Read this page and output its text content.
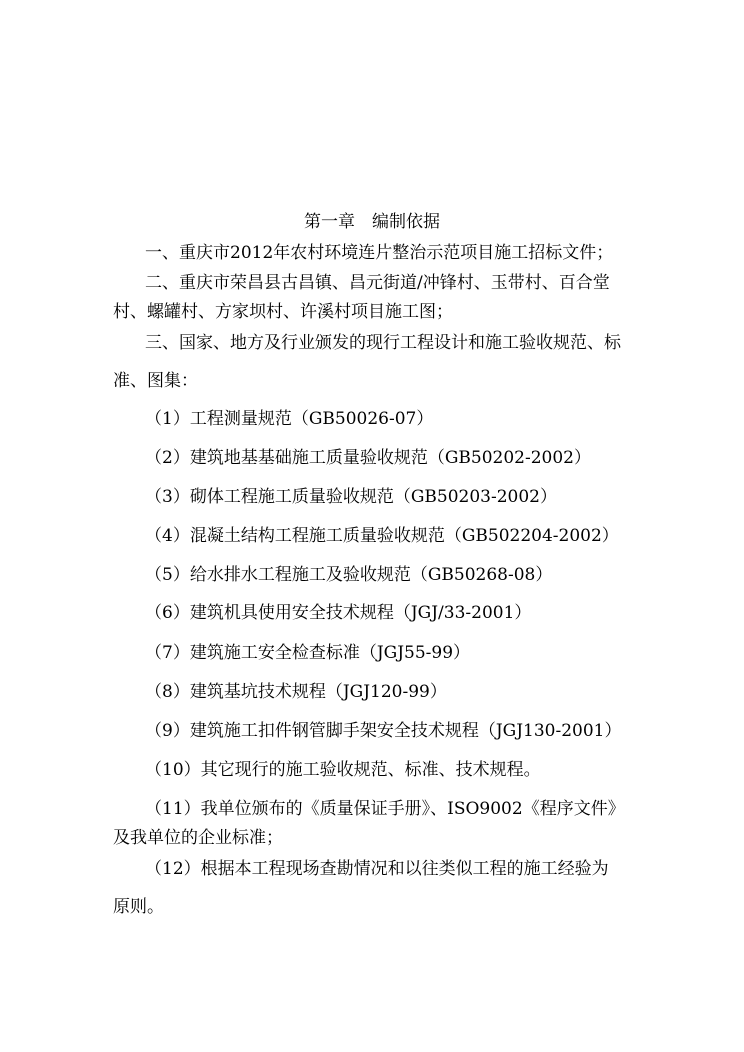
第一章　编制依据
一、重庆市2012年农村环境连片整治示范项目施工招标文件；
二、重庆市荣昌县古昌镇、昌元街道/冲锋村、玉带村、百合堂
村、螺罐村、方家坝村、许溪村项目施工图；
三、国家、地方及行业颁发的现行工程设计和施工验收规范、标
准、图集：
（1）工程测量规范（GB50026-07）
（2）建筑地基基础施工质量验收规范（GB50202-2002）
（3）砌体工程施工质量验收规范（GB50203-2002）
（4）混凝土结构工程施工质量验收规范（GB502204-2002）
（5）给水排水工程施工及验收规范（GB50268-08）
（6）建筑机具使用安全技术规程（JGJ/33-2001）
（7）建筑施工安全检查标准（JGJ55-99）
（8）建筑基坑技术规程（JGJ120-99）
（9）建筑施工扣件钢管脚手架安全技术规程（JGJ130-2001）
（10）其它现行的施工验收规范、标准、技术规程。
（11）我单位颁布的《质量保证手册》、ISO9002《程序文件》
及我单位的企业标准；
（12）根据本工程现场查勘情况和以往类似工程的施工经验为
原则。
